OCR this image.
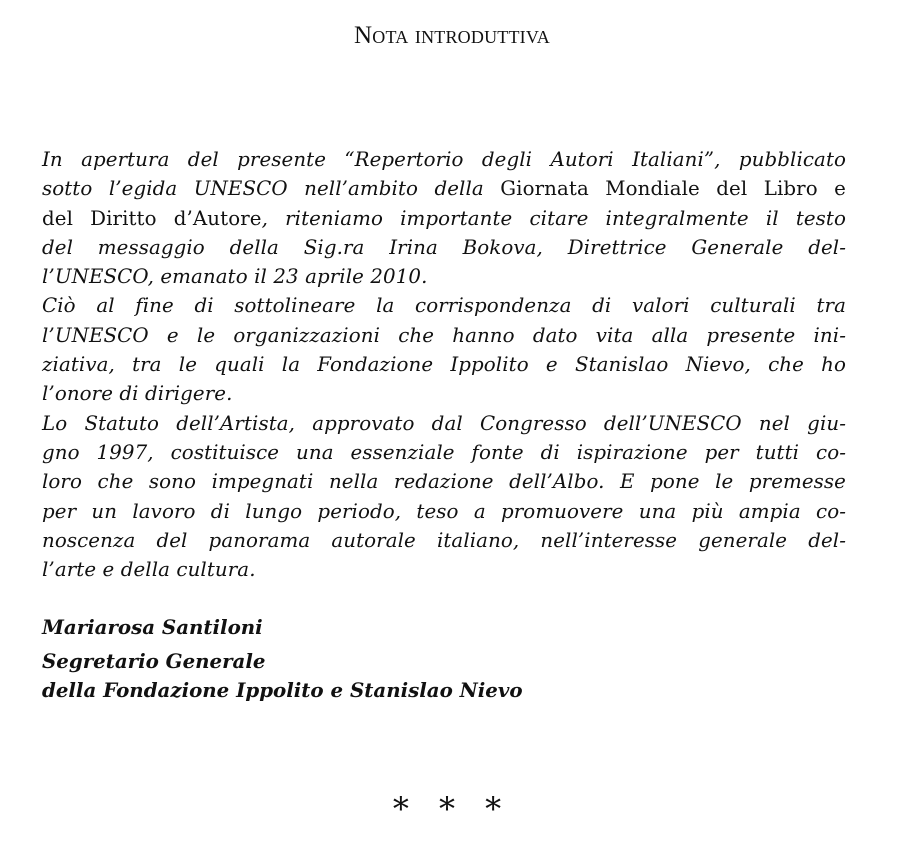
Nota introduttiva
In apertura del presente “Repertorio degli Autori Italiani”, pubblicato
sotto l’egida UNESCO nell’ambito della Giornata Mondiale del Libro e
del Diritto d’Autore, riteniamo importante citare integralmente il testo
del messaggio della Sig.ra Irina Bokova, Direttrice Generale del-
l’UNESCO, emanato il 23 aprile 2010.
Ciò al fine di sottolineare la corrispondenza di valori culturali tra
l’UNESCO e le organizzazioni che hanno dato vita alla presente ini-
ziativa, tra le quali la Fondazione Ippolito e Stanislao Nievo, che ho
l’onore di dirigere.
Lo Statuto dell’Artista, approvato dal Congresso dell’UNESCO nel giu-
gno 1997, costituisce una essenziale fonte di ispirazione per tutti co-
loro che sono impegnati nella redazione dell’Albo. E pone le premesse
per un lavoro di lungo periodo, teso a promuovere una più ampia co-
noscenza del panorama autorale italiano, nell’interesse generale del-
l’arte e della cultura.
Mariarosa Santiloni
Segretario Generale
della Fondazione Ippolito e Stanislao Nievo
* * *
